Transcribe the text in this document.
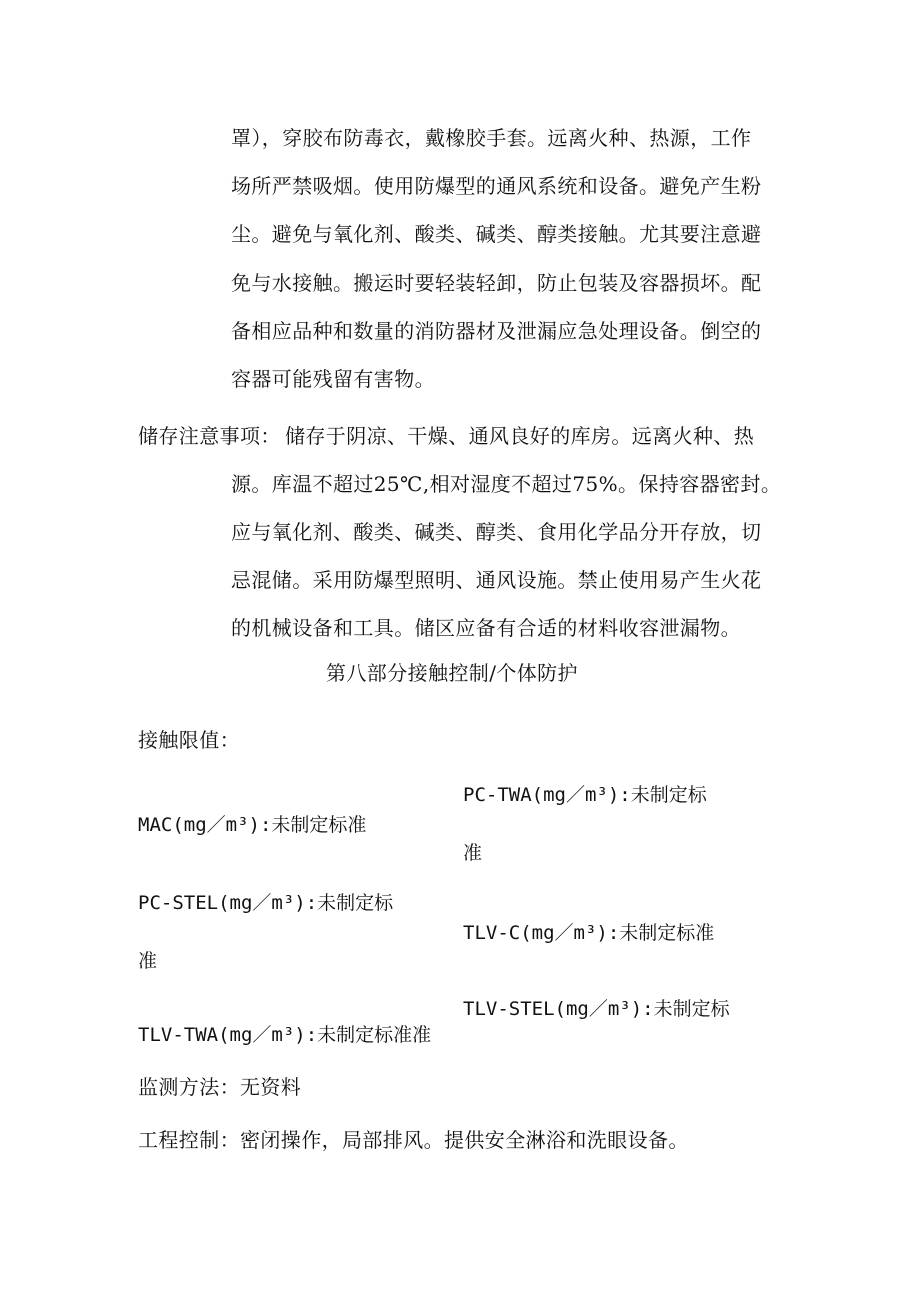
罩），穿胶布防毒衣，戴橡胶手套。远离火种、热源，工作
场所严禁吸烟。使用防爆型的通风系统和设备。避免产生粉
尘。避免与氧化剂、酸类、碱类、醇类接触。尤其要注意避
免与水接触。搬运时要轻装轻卸，防止包装及容器损坏。配
备相应品种和数量的消防器材及泄漏应急处理设备。倒空的
容器可能残留有害物。
储存注意事项： 储存于阴凉、干燥、通风良好的库房。远离火种、热
源。库温不超过25℃,相对湿度不超过75%。保持容器密封。
应与氧化剂、酸类、碱类、醇类、食用化学品分开存放，切
忌混储。采用防爆型照明、通风设施。禁止使用易产生火花
的机械设备和工具。储区应备有合适的材料收容泄漏物。
第八部分接触控制/个体防护
接触限值：
PC-TWA(mg／m³):未制定标
MAC(mg／m³):未制定标准
准
PC-STEL(mg／m³):未制定标
TLV-C(mg／m³):未制定标准
准
TLV-STEL(mg／m³):未制定标
TLV-TWA(mg／m³):未制定标准准
监测方法：无资料
工程控制：密闭操作，局部排风。提供安全淋浴和洗眼设备。
